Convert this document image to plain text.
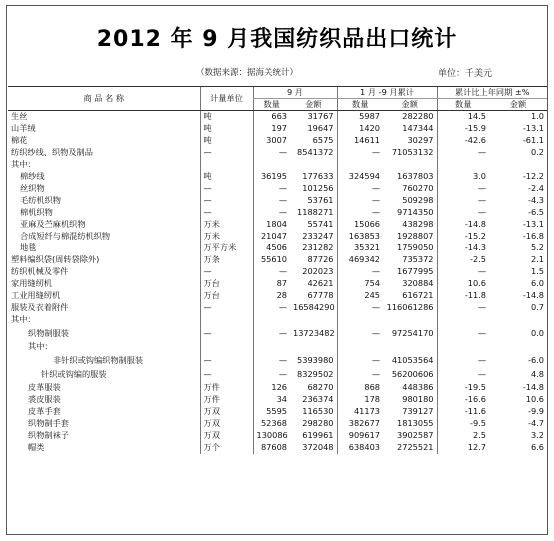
2012 年 9 月我国纺织品出口统计
（数据来源：据海关统计）	单位：千美元
商 品 名 称	计量单位	9 月		1 月 -9 月累计		累计比上年同期 ±%	
		数量	金额	数量	金额	数量	金额
生丝	吨	663	31767	5987	282280	14.5	1.0
山羊绒	吨	197	19647	1420	147344	-15.9	-13.1
棉花	吨	3007	6575	14611	30297	-42.6	-61.1
纺织纱线、织物及制品	—	—	8541372	—	71053132	—	0.2
其中：							
棉纱线	吨	36195	177633	324594	1637803	3.0	-12.2
丝织物	—	—	101256	—	760270	—	-2.4
毛纺机织物	—	—	53761	—	509298	—	-4.3
棉机织物	—	—	1188271	—	9714350	—	-6.5
亚麻及苎麻机织物	万米	1804	55741	15066	438298	-14.8	-13.1
合成短纤与棉混纺机织物	万米	21047	233247	163853	1928807	-15.2	-16.8
地毯	万平方米	4506	231282	35321	1759050	-14.3	5.2
塑料编织袋(周转袋除外)	万条	55610	87726	469342	735372	-2.5	2.1
纺织机械及零件	—	—	202023	—	1677995	—	1.5
家用缝纫机	万台	87	42621	754	320884	10.6	6.0
工业用缝纫机	万台	28	67778	245	616721	-11.8	-14.8
服装及衣着附件	—	—	16584290	—	116061286	—	0.7
其中：							
织物制服装	—	—	13723482	—	97254170	—	0.0
其中：							
非针织或钩编织物制服装	—	—	5393980	—	41053564	—	-6.0
针织或钩编的服装	—	—	8329502	—	56200606	—	4.8
皮革服装	万件	126	68270	868	448386	-19.5	-14.8
裘皮服装	万件	34	236374	178	980180	-16.6	10.6
皮革手套	万双	5595	116530	41173	739127	-11.6	-9.9
织物制手套	万双	52368	298280	382677	1813055	-9.5	-4.7
织物制袜子	万双	130086	619961	909617	3902587	2.5	3.2
帽类	万个	87608	372048	638403	2725521	12.7	6.6
